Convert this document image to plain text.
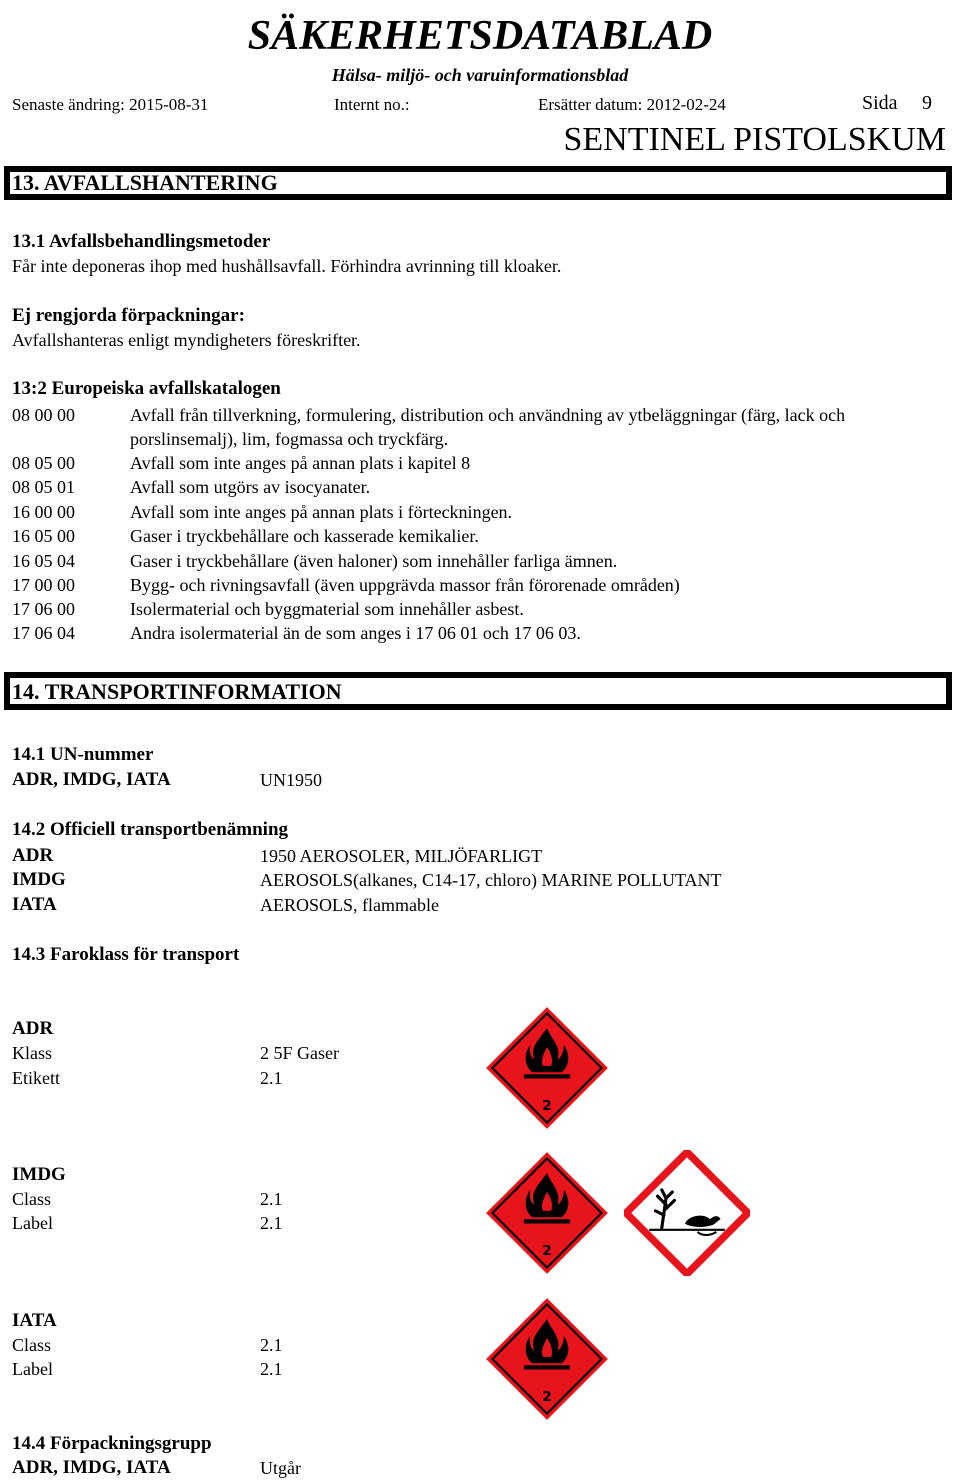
SÄKERHETSDATABLAD
Hälsa- miljö- och varuinformationsblad
Senaste ändring: 2015-08-31	Internt no.:	Ersätter datum: 2012-02-24	Sida 9
SENTINEL PISTOLSKUM
13. AVFALLSHANTERING
13.1 Avfallsbehandlingsmetoder
Får inte deponeras ihop med hushållsavfall. Förhindra avrinning till kloaker.
Ej rengjorda förpackningar:
Avfallshanteras enligt myndigheters föreskrifter.
13:2 Europeiska avfallskatalogen
08 00 00	Avfall från tillverkning, formulering, distribution och användning av ytbeläggningar (färg, lack och porslinsemalj), lim, fogmassa och tryckfärg.
08 05 00	Avfall som inte anges på annan plats i kapitel 8
08 05 01	Avfall som utgörs av isocyanater.
16 00 00	Avfall som inte anges på annan plats i förteckningen.
16 05 00	Gaser i tryckbehållare och kasserade kemikalier.
16 05 04	Gaser i tryckbehållare (även haloner) som innehåller farliga ämnen.
17 00 00	Bygg- och rivningsavfall (även uppgrävda massor från förorenade områden)
17 06 00	Isolermaterial och byggmaterial som innehåller asbest.
17 06 04	Andra isolermaterial än de som anges i 17 06 01 och 17 06 03.
14. TRANSPORTINFORMATION
14.1 UN-nummer
ADR, IMDG, IATA	UN1950
14.2 Officiell transportbenämning
ADR	1950 AEROSOLER, MILJÖFARLIGT
IMDG	AEROSOLS(alkanes, C14-17, chloro) MARINE POLLUTANT
IATA	AEROSOLS, flammable
14.3 Faroklass för transport
ADR
Klass	2 5F Gaser
Etikett	2.1
2
IMDG
Class	2.1
Label	2.1
2
IATA
Class	2.1
Label	2.1
2
14.4 Förpackningsgrupp
ADR, IMDG, IATA	Utgår
